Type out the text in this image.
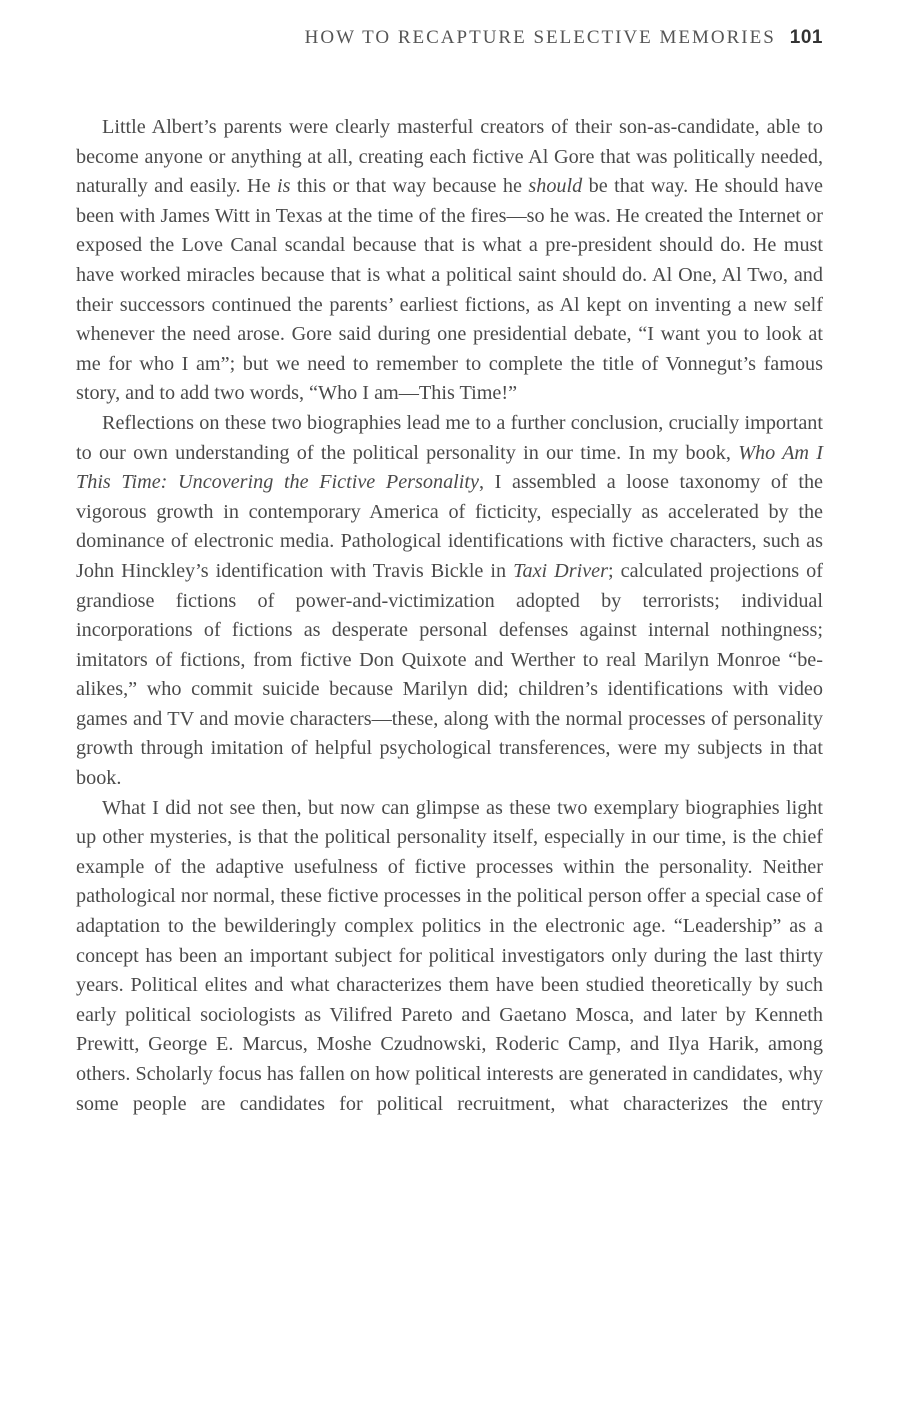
HOW TO RECAPTURE SELECTIVE MEMORIES 101

Little Albert’s parents were clearly masterful creators of their son-as-candidate, able to become anyone or anything at all, creating each fictive Al Gore that was politically needed, naturally and easily. He is this or that way because he should be that way. He should have been with James Witt in Texas at the time of the fires—so he was. He created the Internet or exposed the Love Canal scandal because that is what a pre-president should do. He must have worked miracles because that is what a political saint should do. Al One, Al Two, and their successors continued the parents’ earliest fictions, as Al kept on inventing a new self whenever the need arose. Gore said during one presidential debate, “I want you to look at me for who I am”; but we need to remember to complete the title of Vonnegut’s famous story, and to add two words, “Who I am—This Time!”

Reflections on these two biographies lead me to a further conclusion, crucially important to our own understanding of the political personality in our time. In my book, Who Am I This Time: Uncovering the Fictive Personality, I assembled a loose taxonomy of the vigorous growth in contemporary America of ficticity, especially as accelerated by the dominance of electronic media. Pathological identifications with fictive characters, such as John Hinckley’s identification with Travis Bickle in Taxi Driver; calculated projections of grandiose fictions of power-and-victimization adopted by terrorists; individual incorporations of fictions as desperate personal defenses against internal nothingness; imitators of fictions, from fictive Don Quixote and Werther to real Marilyn Monroe “be-alikes,” who commit suicide because Marilyn did; children’s identifications with video games and TV and movie characters—these, along with the normal processes of personality growth through imitation of helpful psychological transferences, were my subjects in that book.

What I did not see then, but now can glimpse as these two exemplary biographies light up other mysteries, is that the political personality itself, especially in our time, is the chief example of the adaptive usefulness of fictive processes within the personality. Neither pathological nor normal, these fictive processes in the political person offer a special case of adaptation to the bewilderingly complex politics in the electronic age. “Leadership” as a concept has been an important subject for political investigators only during the last thirty years. Political elites and what characterizes them have been studied theoretically by such early political sociologists as Vilifred Pareto and Gaetano Mosca, and later by Kenneth Prewitt, George E. Marcus, Moshe Czudnowski, Roderic Camp, and Ilya Harik, among others. Scholarly focus has fallen on how political interests are generated in candidates, why some people are candidates for political recruitment, what characterizes the entry
